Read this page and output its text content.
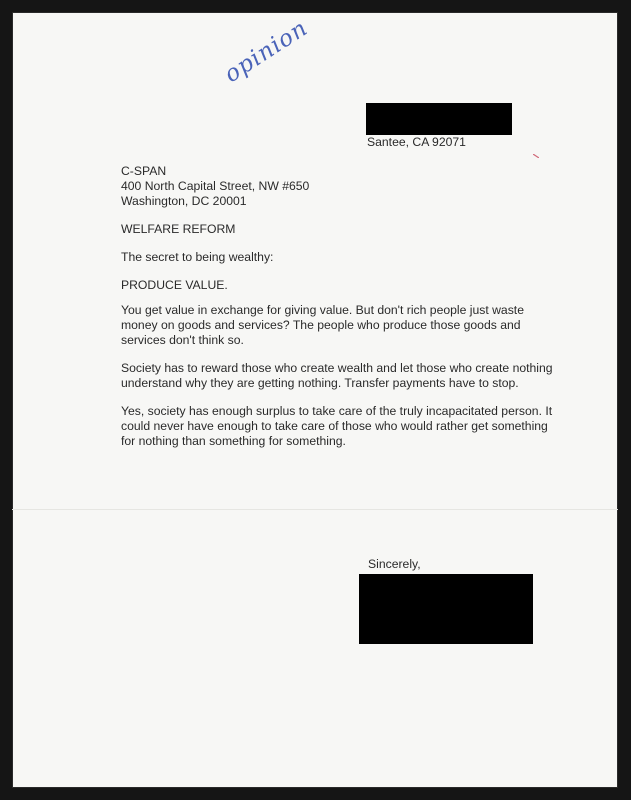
opinion
Santee, CA 92071
C-SPAN
400 North Capital Street, NW #650
Washington, DC 20001
WELFARE REFORM
The secret to being wealthy:
PRODUCE VALUE.
You get value in exchange for giving value. But don't rich people just waste money on goods and services? The people who produce those goods and services don't think so.
Society has to reward those who create wealth and let those who create nothing understand why they are getting nothing. Transfer payments have to stop.
Yes, society has enough surplus to take care of the truly incapacitated person. It could never have enough to take care of those who would rather get something for nothing than something for something.
Sincerely,
